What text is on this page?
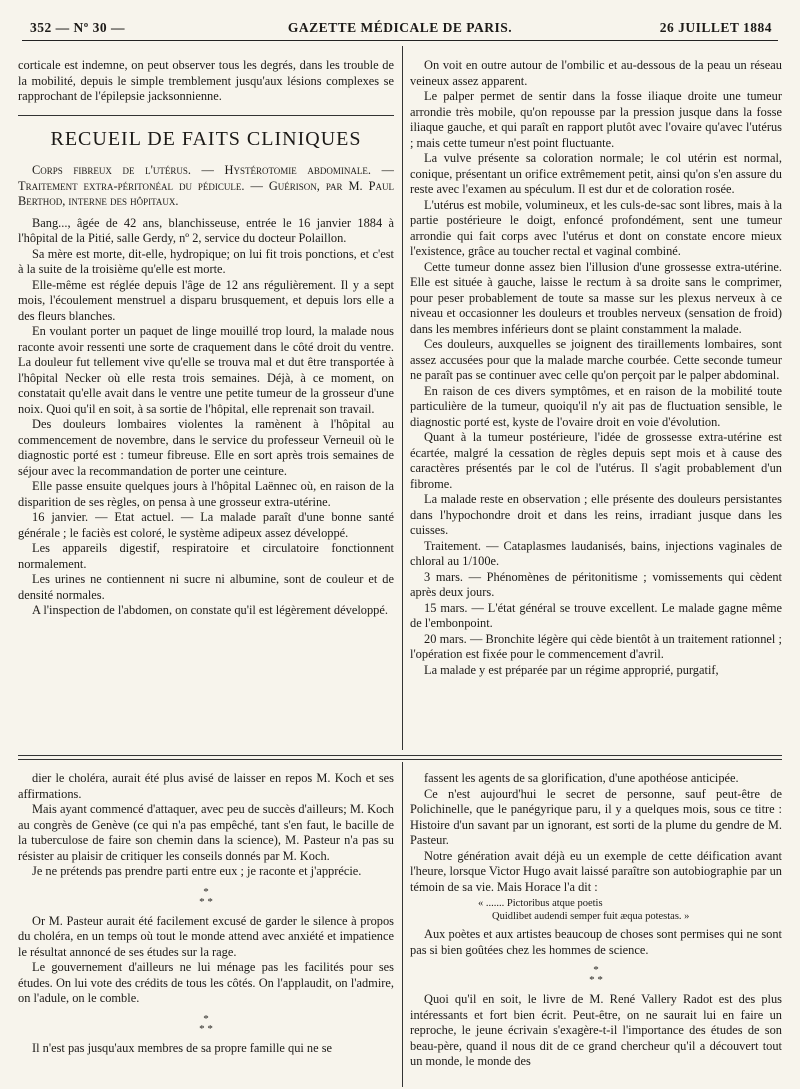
352 — Nº 30 —	GAZETTE MÉDICALE DE PARIS.	26 JUILLET 1884

corticale est indemne, on peut observer tous les degrés, dans les trouble de la mobilité, depuis le simple tremblement jusqu'aux lésions complexes se rapprochant de l'épilepsie jacksonnienne.

RECUEIL DE FAITS CLINIQUES

Corps fibreux de l'utérus. — Hystérotomie abdominale. — Traitement extra-péritonéal du pédicule. — Guérison, par M. Paul Berthod, interne des hôpitaux.

Bang..., âgée de 42 ans, blanchisseuse, entrée le 16 janvier 1884 à l'hôpital de la Pitié, salle Gerdy, nº 2, service du docteur Polaillon.

Sa mère est morte, dit-elle, hydropique; on lui fit trois ponctions, et c'est à la suite de la troisième qu'elle est morte.

Elle-même est réglée depuis l'âge de 12 ans régulièrement. Il y a sept mois, l'écoulement menstruel a disparu brusquement, et depuis lors elle a des fleurs blanches.

En voulant porter un paquet de linge mouillé trop lourd, la malade nous raconte avoir ressenti une sorte de craquement dans le côté droit du ventre. La douleur fut tellement vive qu'elle se trouva mal et dut être transportée à l'hôpital Necker où elle resta trois semaines. Déjà, à ce moment, on constatait qu'elle avait dans le ventre une petite tumeur de la grosseur d'une noix. Quoi qu'il en soit, à sa sortie de l'hôpital, elle reprenait son travail.

Des douleurs lombaires violentes la ramènent à l'hôpital au commencement de novembre, dans le service du professeur Verneuil où le diagnostic porté est : tumeur fibreuse. Elle en sort après trois semaines de séjour avec la recommandation de porter une ceinture.

Elle passe ensuite quelques jours à l'hôpital Laënnec où, en raison de la disparition de ses règles, on pensa à une grosseur extra-utérine.

16 janvier. — Etat actuel. — La malade paraît d'une bonne santé générale ; le faciès est coloré, le système adipeux assez développé.

Les appareils digestif, respiratoire et circulatoire fonctionnent normalement.

Les urines ne contiennent ni sucre ni albumine, sont de couleur et de densité normales.

A l'inspection de l'abdomen, on constate qu'il est légèrement développé.

On voit en outre autour de l'ombilic et au-dessous de la peau un réseau veineux assez apparent.

Le palper permet de sentir dans la fosse iliaque droite une tumeur arrondie très mobile, qu'on repousse par la pression jusque dans la fosse iliaque gauche, et qui paraît en rapport plutôt avec l'ovaire qu'avec l'utérus ; mais cette tumeur n'est point fluctuante.

La vulve présente sa coloration normale; le col utérin est normal, conique, présentant un orifice extrêmement petit, ainsi qu'on s'en assure du reste avec l'examen au spéculum. Il est dur et de coloration rosée.

L'utérus est mobile, volumineux, et les culs-de-sac sont libres, mais à la partie postérieure le doigt, enfoncé profondément, sent une tumeur arrondie qui fait corps avec l'utérus et dont on constate encore mieux l'existence, grâce au toucher rectal et vaginal combiné.

Cette tumeur donne assez bien l'illusion d'une grossesse extra-utérine. Elle est située à gauche, laisse le rectum à sa droite sans le comprimer, pour peser probablement de toute sa masse sur les plexus nerveux à ce niveau et occasionner les douleurs et troubles nerveux (sensation de froid) dans les membres inférieurs dont se plaint constamment la malade.

Ces douleurs, auxquelles se joignent des tiraillements lombaires, sont assez accusées pour que la malade marche courbée. Cette seconde tumeur ne paraît pas se continuer avec celle qu'on perçoit par le palper abdominal.

En raison de ces divers symptômes, et en raison de la mobilité toute particulière de la tumeur, quoiqu'il n'y ait pas de fluctuation sensible, le diagnostic porté est, kyste de l'ovaire droit en voie d'évolution.

Quant à la tumeur postérieure, l'idée de grossesse extra-utérine est écartée, malgré la cessation de règles depuis sept mois et à cause des caractères présentés par le col de l'utérus. Il s'agit probablement d'un fibrome.

La malade reste en observation ; elle présente des douleurs persistantes dans l'hypochondre droit et dans les reins, irradiant jusque dans les cuisses.

Traitement. — Cataplasmes laudanisés, bains, injections vaginales de chloral au 1/100e.

3 mars. — Phénomènes de péritonitisme ; vomissements qui cèdent après deux jours.

15 mars. — L'état général se trouve excellent. Le malade gagne même de l'embonpoint.

20 mars. — Bronchite légère qui cède bientôt à un traitement rationnel ; l'opération est fixée pour le commencement d'avril.

La malade y est préparée par un régime approprié, purgatif,

dier le choléra, aurait été plus avisé de laisser en repos M. Koch et ses affirmations.

Mais ayant commencé d'attaquer, avec peu de succès d'ailleurs; M. Koch au congrès de Genève (ce qui n'a pas empêché, tant s'en faut, le bacille de la tuberculose de faire son chemin dans la science), M. Pasteur n'a pas su résister au plaisir de critiquer les conseils donnés par M. Koch.

Je ne prétends pas prendre parti entre eux ; je raconte et j'apprécie.

*
* *

Or M. Pasteur aurait été facilement excusé de garder le silence à propos du choléra, en un temps où tout le monde attend avec anxiété et impatience le résultat annoncé de ses études sur la rage.

Le gouvernement d'ailleurs ne lui ménage pas les facilités pour ses études. On lui vote des crédits de tous les côtés. On l'applaudit, on l'admire, on l'adule, on le comble.

*
* *

Il n'est pas jusqu'aux membres de sa propre famille qui ne se

fassent les agents de sa glorification, d'une apothéose anticipée.

Ce n'est aujourd'hui le secret de personne, sauf peut-être de Polichinelle, que le panégyrique paru, il y a quelques mois, sous ce titre : Histoire d'un savant par un ignorant, est sorti de la plume du gendre de M. Pasteur.

Notre génération avait déjà eu un exemple de cette déification avant l'heure, lorsque Victor Hugo avait laissé paraître son autobiographie par un témoin de sa vie. Mais Horace l'a dit :

« ....... Pictoribus atque poetis
Quidlibet audendi semper fuit æqua potestas. »

Aux poètes et aux artistes beaucoup de choses sont permises qui ne sont pas si bien goûtées chez les hommes de science.

*
* *

Quoi qu'il en soit, le livre de M. René Vallery Radot est des plus intéressants et fort bien écrit. Peut-être, on ne saurait lui en faire un reproche, le jeune écrivain s'exagère-t-il l'importance des études de son beau-père, quand il nous dit de ce grand chercheur qu'il a découvert tout un monde, le monde des
